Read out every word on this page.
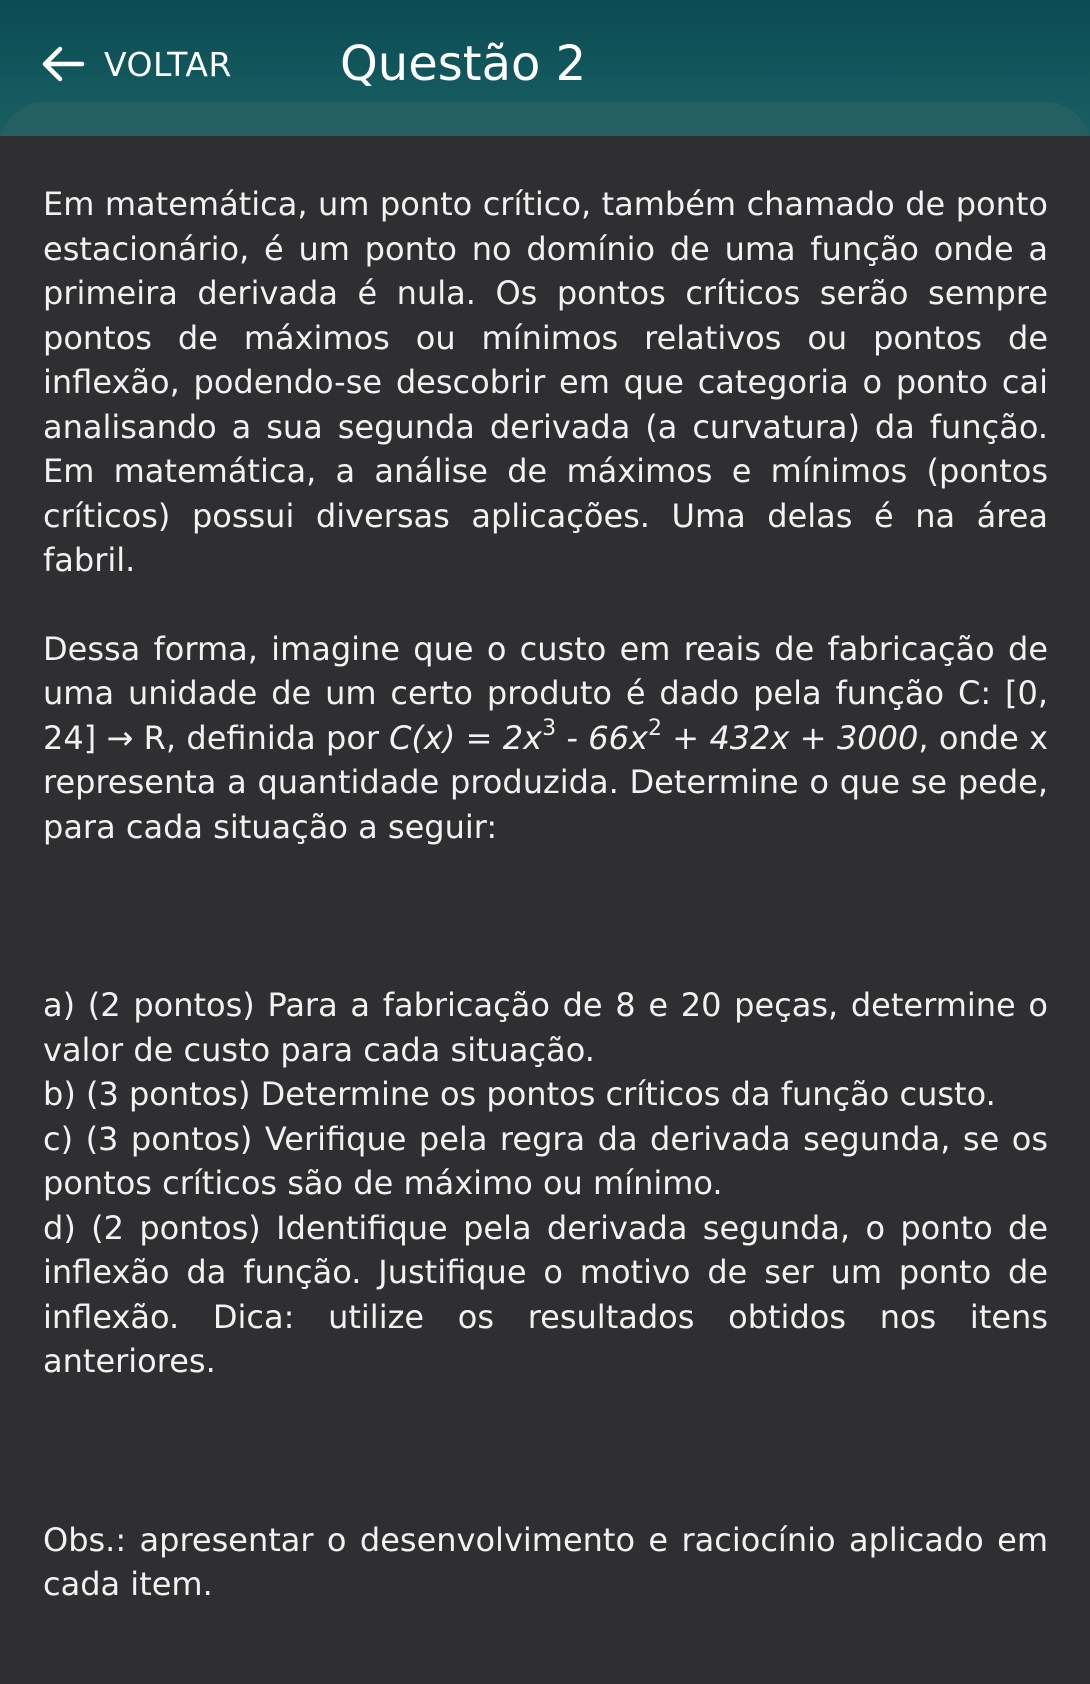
VOLTAR Questão 2

Em matemática, um ponto crítico, também chamado de ponto estacionário, é um ponto no domínio de uma função onde a primeira derivada é nula. Os pontos críticos serão sempre pontos de máximos ou mínimos relativos ou pontos de inflexão, podendo-se descobrir em que categoria o ponto cai analisando a sua segunda derivada (a curvatura) da função. Em matemática, a análise de máximos e mínimos (pontos críticos) possui diversas aplicações. Uma delas é na área fabril.

Dessa forma, imagine que o custo em reais de fabricação de uma unidade de um certo produto é dado pela função C: [0, 24] → R, definida por $C(x) = 2x^3 - 66x^2 + 432x + 3000$, onde x representa a quantidade produzida. Determine o que se pede, para cada situação a seguir:

a) (2 pontos) Para a fabricação de 8 e 20 peças, determine o valor de custo para cada situação.

b) (3 pontos) Determine os pontos críticos da função custo.

c) (3 pontos) Verifique pela regra da derivada segunda, se os pontos críticos são de máximo ou mínimo.

d) (2 pontos) Identifique pela derivada segunda, o ponto de inflexão da função. Justifique o motivo de ser um ponto de inflexão. Dica: utilize os resultados obtidos nos itens anteriores.

Obs.: apresentar o desenvolvimento e raciocínio aplicado em cada item.
